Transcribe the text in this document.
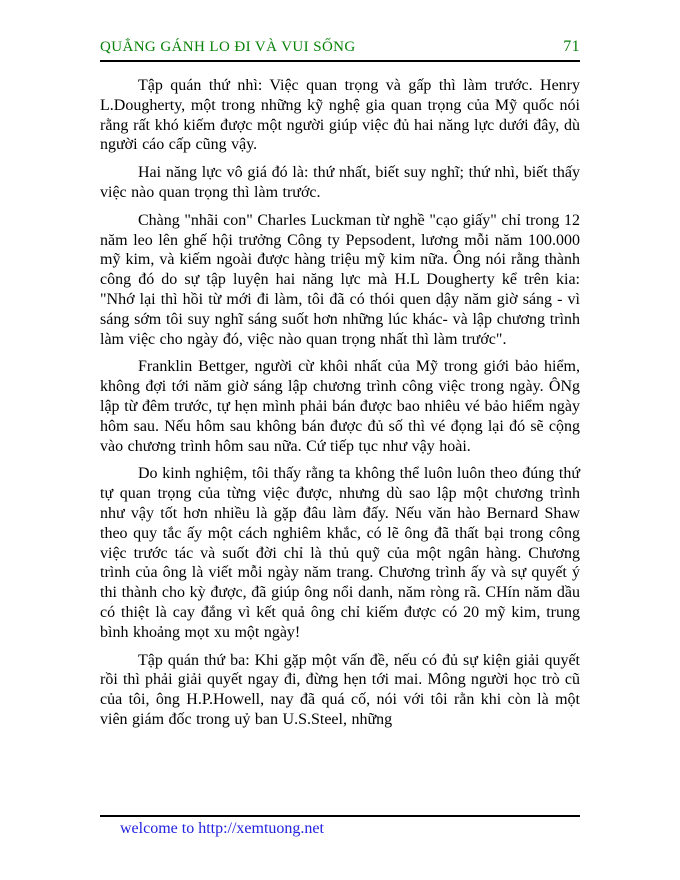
QUẲNG GÁNH LO ĐI VÀ VUI SỐNG	71

Tập quán thứ nhì: Việc quan trọng và gấp thì làm trước. Henry L.Dougherty, một trong những kỹ nghệ gia quan trọng của Mỹ quốc nói rằng rất khó kiếm được một người giúp việc đủ hai năng lực dưới đây, dù người cáo cấp cũng vậy.

Hai năng lực vô giá đó là: thứ nhất, biết suy nghĩ; thứ nhì, biết thấy việc nào quan trọng thì làm trước.

Chàng "nhãi con" Charles Luckman từ nghề "cạo giấy" chỉ trong 12 năm leo lên ghế hội trưởng Công ty Pepsodent, lương mỗi năm 100.000 mỹ kim, và kiếm ngoài được hàng triệu mỹ kim nữa. Ông nói rằng thành công đó do sự tập luyện hai năng lực mà H.L Dougherty kể trên kia: "Nhớ lại thì hồi từ mới đi làm, tôi đã có thói quen dậy năm giờ sáng - vì sáng sớm tôi suy nghĩ sáng suốt hơn những lúc khác- và lập chương trình làm việc cho ngày đó, việc nào quan trọng nhất thì làm trước".

Franklin Bettger, người cừ khôi nhất của Mỹ trong giới bảo hiểm, không đợi tới năm giờ sáng lập chương trình công việc trong ngày. ÔNg lập từ đêm trước, tự hẹn mình phải bán được bao nhiêu vé bảo hiểm ngày hôm sau. Nếu hôm sau không bán được đủ số thì vé đọng lại đó sẽ cộng vào chương trình hôm sau nữa. Cứ tiếp tục như vậy hoài.

Do kinh nghiệm, tôi thấy rằng ta không thể luôn luôn theo đúng thứ tự quan trọng của từng việc được, nhưng dù sao lập một chương trình như vậy tốt hơn nhiều là gặp đâu làm đấy. Nếu văn hào Bernard Shaw theo quy tắc ấy một cách nghiêm khắc, có lẽ ông đã thất bại trong công việc trước tác và suốt đời chỉ là thủ quỹ của một ngân hàng. Chương trình của ông là viết mỗi ngày năm trang. Chương trình ấy và sự quyết ý thi thành cho kỳ được, đã giúp ông nổi danh, năm ròng rã. CHín năm dầu có thiệt là cay đắng vì kết quả ông chỉ kiếm được có 20 mỹ kim, trung bình khoảng mọt xu một ngày!

Tập quán thứ ba: Khi gặp một vấn đề, nếu có đủ sự kiện giải quyết rồi thì phải giải quyết ngay đi, đừng hẹn tới mai. Mông người học trò cũ của tôi, ông H.P.Howell, nay đã quá cố, nói với tôi rằn khi còn là một viên giám đốc trong uỷ ban U.S.Steel, những

welcome to http://xemtuong.net
